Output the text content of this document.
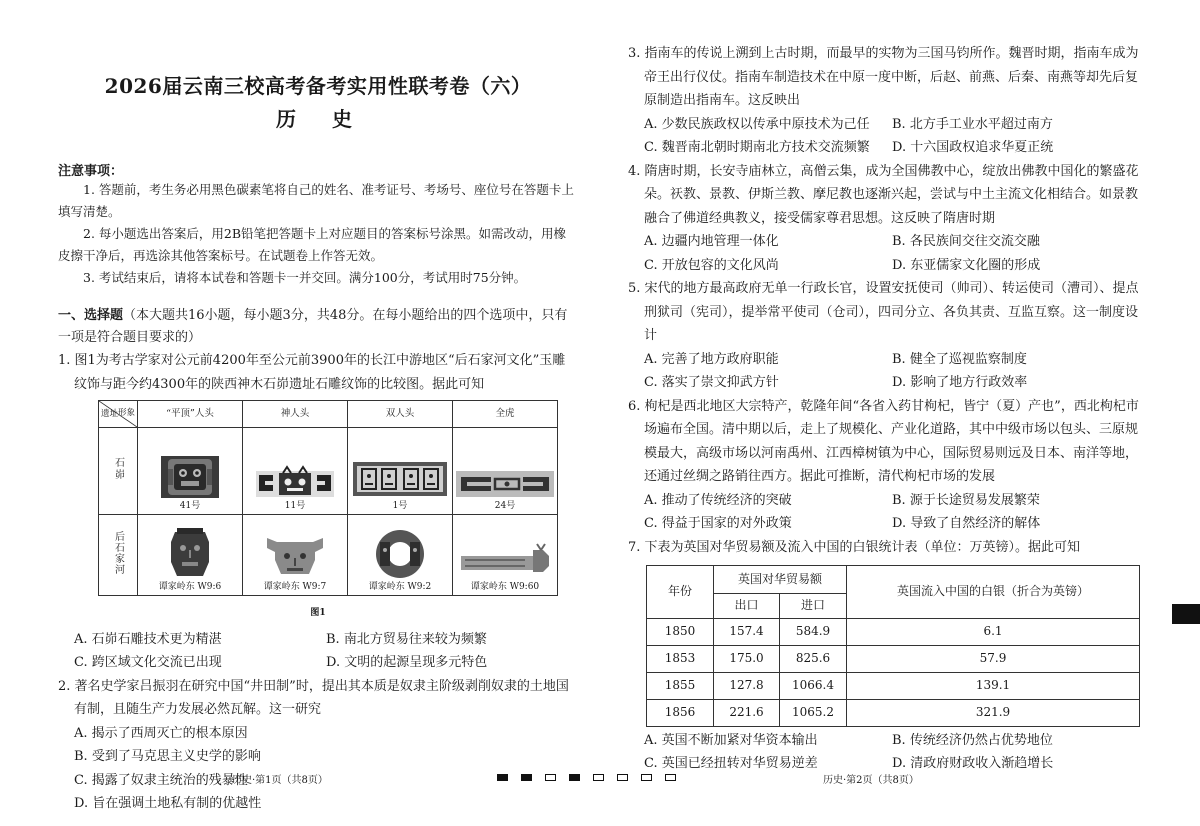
2026届云南三校高考备考实用性联考卷（六）
历　史
注意事项：
1. 答题前，考生务必用黑色碳素笔将自己的姓名、准考证号、考场号、座位号在答题卡上填写清楚。
2. 每小题选出答案后，用2B铅笔把答题卡上对应题目的答案标号涂黑。如需改动，用橡皮擦干净后，再选涂其他答案标号。在试题卷上作答无效。
3. 考试结束后，请将本试卷和答题卡一并交回。满分100分，考试用时75分钟。
一、选择题（本大题共16小题，每小题3分，共48分。在每小题给出的四个选项中，只有一项是符合题目要求的）
1. 图1为考古学家对公元前4200年至公元前3900年的长江中游地区“后石家河文化”玉雕纹饰与距今约4300年的陕西神木石峁遗址石雕纹饰的比较图。据此可知
形象
遗址	“平顶”人头	神人头	双人头	全虎
石峁	41号	11号	1号	24号

后石家河	谭家岭东 W9:6	谭家岭东 W9:7	谭家岭东 W9:2	谭家岭东 W9:60
图1
A. 石峁石雕技术更为精湛	B. 南北方贸易往来较为频繁
C. 跨区域文化交流已出现	D. 文明的起源呈现多元特色
2. 著名史学家吕振羽在研究中国“井田制”时，提出其本质是奴隶主阶级剥削奴隶的土地国有制，且随生产力发展必然瓦解。这一研究
A. 揭示了西周灭亡的根本原因
B. 受到了马克思主义史学的影响
C. 揭露了奴隶主统治的残暴性
D. 旨在强调土地私有制的优越性
3. 指南车的传说上溯到上古时期，而最早的实物为三国马钧所作。魏晋时期，指南车成为帝王出行仪仗。指南车制造技术在中原一度中断，后赵、前燕、后秦、南燕等却先后复原制造出指南车。这反映出
A. 少数民族政权以传承中原技术为己任	B. 北方手工业水平超过南方
C. 魏晋南北朝时期南北方技术交流频繁	D. 十六国政权追求华夏正统
4. 隋唐时期，长安寺庙林立，高僧云集，成为全国佛教中心，绽放出佛教中国化的繁盛花朵。祆教、景教、伊斯兰教、摩尼教也逐渐兴起，尝试与中土主流文化相结合。如景教融合了佛道经典教义，接受儒家尊君思想。这反映了隋唐时期
A. 边疆内地管理一体化	B. 各民族间交往交流交融
C. 开放包容的文化风尚	D. 东亚儒家文化圈的形成
5. 宋代的地方最高政府无单一行政长官，设置安抚使司（帅司）、转运使司（漕司）、提点刑狱司（宪司），提举常平使司（仓司），四司分立、各负其责、互监互察。这一制度设计
A. 完善了地方政府职能	B. 健全了巡视监察制度
C. 落实了崇文抑武方针	D. 影响了地方行政效率
6. 枸杞是西北地区大宗特产，乾隆年间“各省入药甘枸杞，皆宁（夏）产也”，西北枸杞市场遍布全国。清中期以后，走上了规模化、产业化道路，其中中级市场以包头、三原规模最大，高级市场以河南禹州、江西樟树镇为中心，国际贸易则远及日本、南洋等地，还通过丝绸之路销往西方。据此可推断，清代枸杞市场的发展
A. 推动了传统经济的突破	B. 源于长途贸易发展繁荣
C. 得益于国家的对外政策	D. 导致了自然经济的解体
7. 下表为英国对华贸易额及流入中国的白银统计表（单位：万英镑）。据此可知
年份	英国对华贸易额		英国流入中国的白银（折合为英镑）
	出口	进口	
1850	157.4	584.9	6.1
1853	175.0	825.6	57.9
1855	127.8	1066.4	139.1
1856	221.6	1065.2	321.9
A. 英国不断加紧对华资本输出	B. 传统经济仍然占优势地位
C. 英国已经扭转对华贸易逆差	D. 清政府财政收入渐趋增长
历史·第1页（共8页）	历史·第2页（共8页）
